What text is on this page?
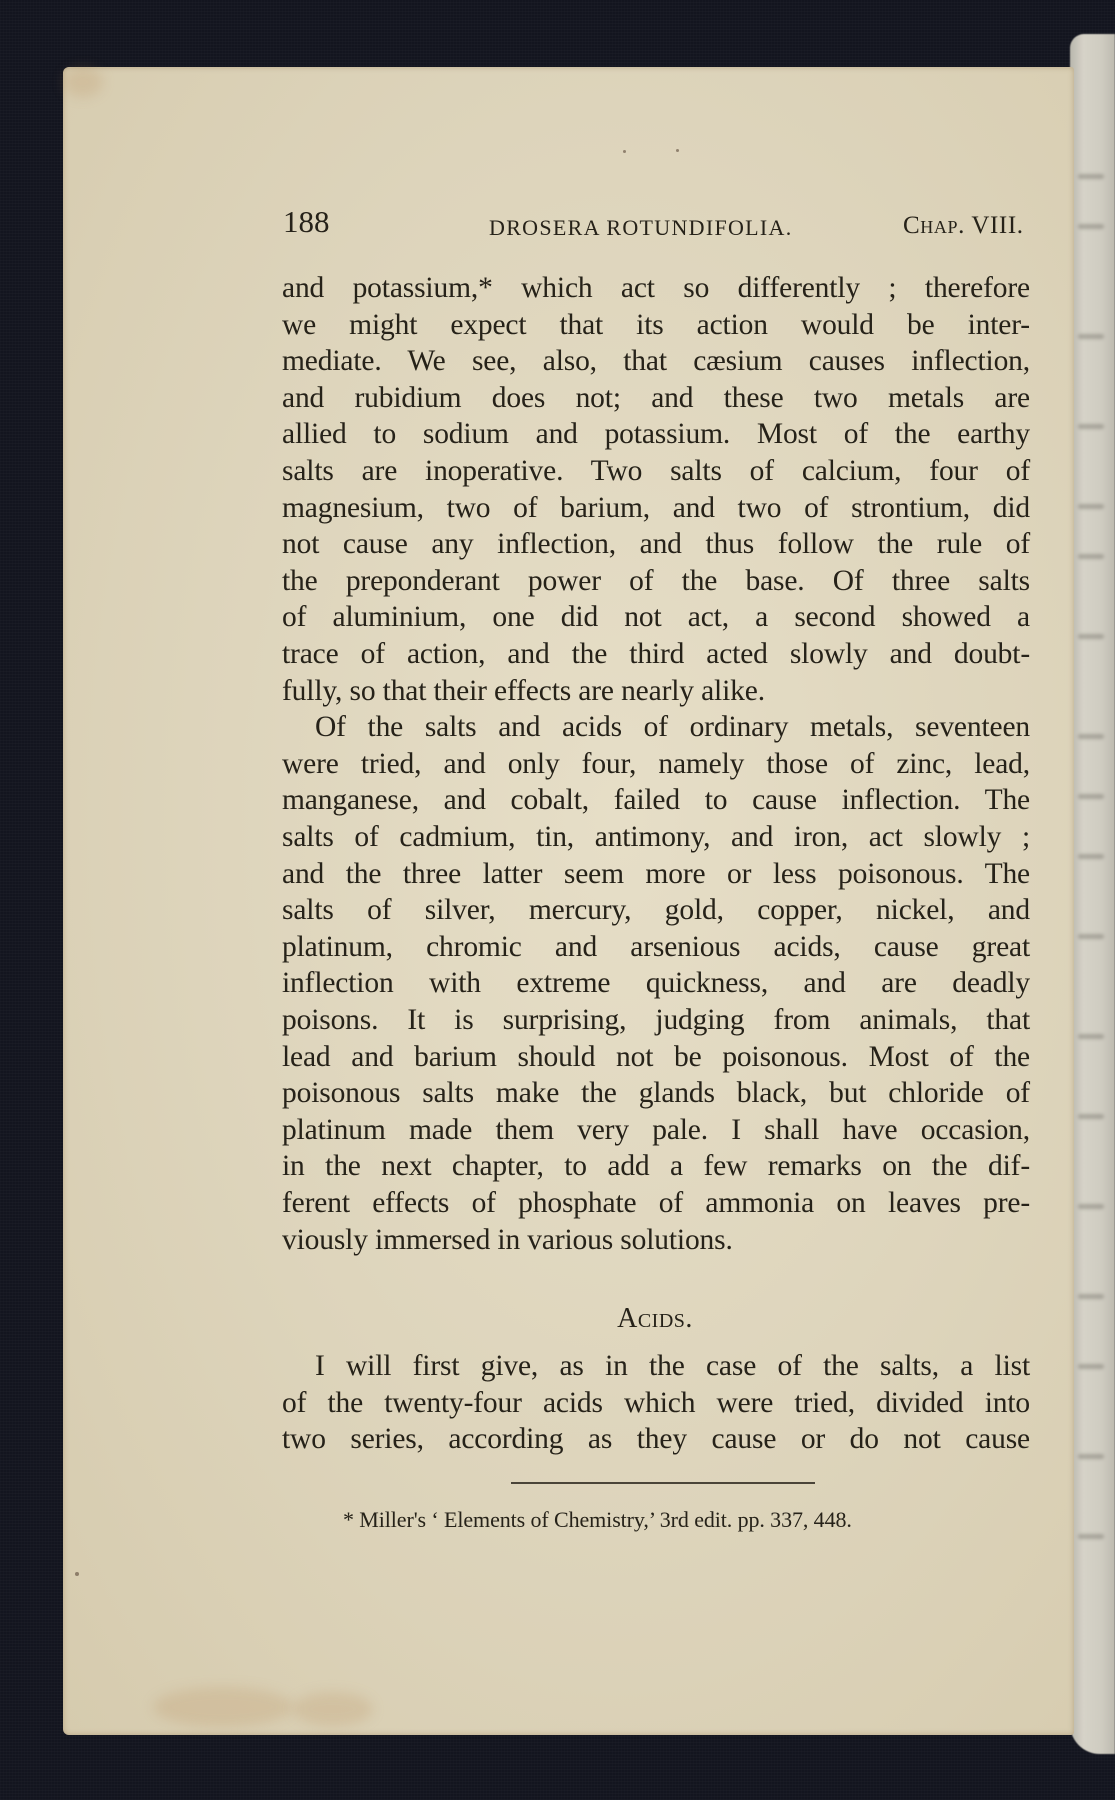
188	DROSERA ROTUNDIFOLIA.	Chap. VIII.
and potassium,* which act so differently ; therefore
we might expect that its action would be inter-
mediate. We see, also, that cæsium causes inflection,
and rubidium does not; and these two metals are
allied to sodium and potassium. Most of the earthy
salts are inoperative. Two salts of calcium, four of
magnesium, two of barium, and two of strontium, did
not cause any inflection, and thus follow the rule of
the preponderant power of the base. Of three salts
of aluminium, one did not act, a second showed a
trace of action, and the third acted slowly and doubt-
fully, so that their effects are nearly alike.
Of the salts and acids of ordinary metals, seventeen
were tried, and only four, namely those of zinc, lead,
manganese, and cobalt, failed to cause inflection. The
salts of cadmium, tin, antimony, and iron, act slowly ;
and the three latter seem more or less poisonous. The
salts of silver, mercury, gold, copper, nickel, and
platinum, chromic and arsenious acids, cause great
inflection with extreme quickness, and are deadly
poisons. It is surprising, judging from animals, that
lead and barium should not be poisonous. Most of the
poisonous salts make the glands black, but chloride of
platinum made them very pale. I shall have occasion,
in the next chapter, to add a few remarks on the dif-
ferent effects of phosphate of ammonia on leaves pre-
viously immersed in various solutions.
Acids.
I will first give, as in the case of the salts, a list
of the twenty-four acids which were tried, divided into
two series, according as they cause or do not cause
* Miller's ‘ Elements of Chemistry,’ 3rd edit. pp. 337, 448.
